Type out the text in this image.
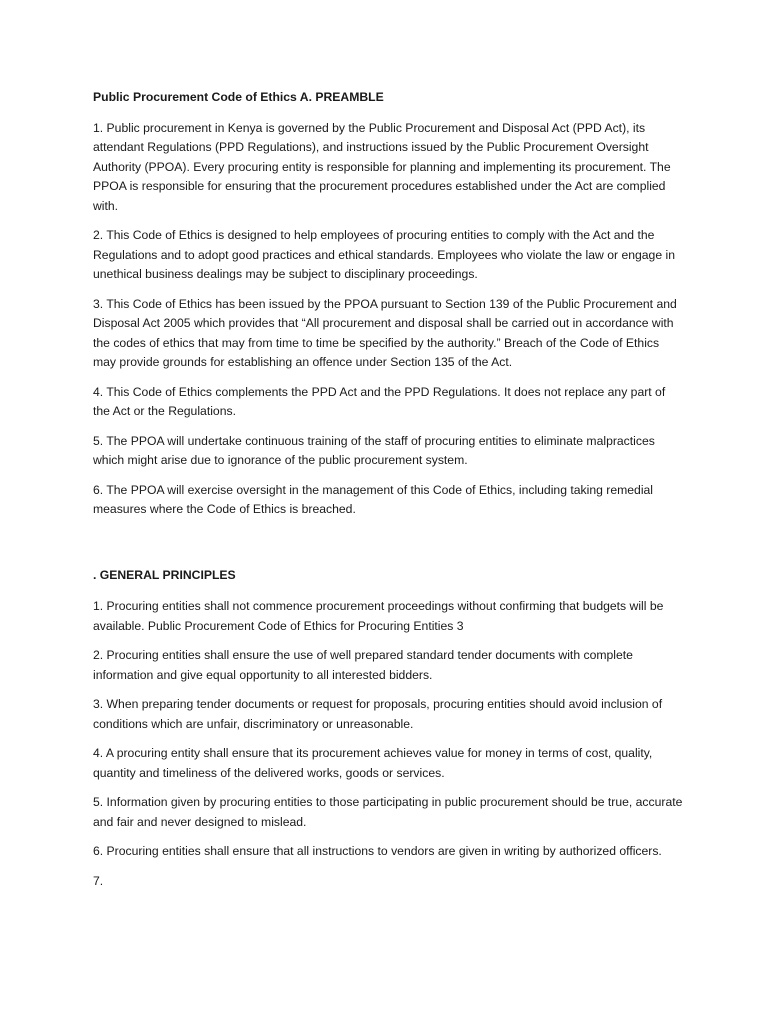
Public Procurement Code of Ethics A. PREAMBLE

1. Public procurement in Kenya is governed by the Public Procurement and Disposal Act (PPD Act), its attendant Regulations (PPD Regulations), and instructions issued by the Public Procurement Oversight Authority (PPOA). Every procuring entity is responsible for planning and implementing its procurement. The PPOA is responsible for ensuring that the procurement procedures established under the Act are complied with.

2. This Code of Ethics is designed to help employees of procuring entities to comply with the Act and the Regulations and to adopt good practices and ethical standards. Employees who violate the law or engage in unethical business dealings may be subject to disciplinary proceedings.

3. This Code of Ethics has been issued by the PPOA pursuant to Section 139 of the Public Procurement and Disposal Act 2005 which provides that “All procurement and disposal shall be carried out in accordance with the codes of ethics that may from time to time be specified by the authority.” Breach of the Code of Ethics may provide grounds for establishing an offence under Section 135 of the Act.

4. This Code of Ethics complements the PPD Act and the PPD Regulations. It does not replace any part of the Act or the Regulations.

5. The PPOA will undertake continuous training of the staff of procuring entities to eliminate malpractices which might arise due to ignorance of the public procurement system.

6. The PPOA will exercise oversight in the management of this Code of Ethics, including taking remedial measures where the Code of Ethics is breached.

. GENERAL PRINCIPLES

1. Procuring entities shall not commence procurement proceedings without confirming that budgets will be available. Public Procurement Code of Ethics for Procuring Entities 3

2. Procuring entities shall ensure the use of well prepared standard tender documents with complete information and give equal opportunity to all interested bidders.

3. When preparing tender documents or request for proposals, procuring entities should avoid inclusion of conditions which are unfair, discriminatory or unreasonable.

4. A procuring entity shall ensure that its procurement achieves value for money in terms of cost, quality, quantity and timeliness of the delivered works, goods or services.

5. Information given by procuring entities to those participating in public procurement should be true, accurate and fair and never designed to mislead.

6. Procuring entities shall ensure that all instructions to vendors are given in writing by authorized officers.

7.
